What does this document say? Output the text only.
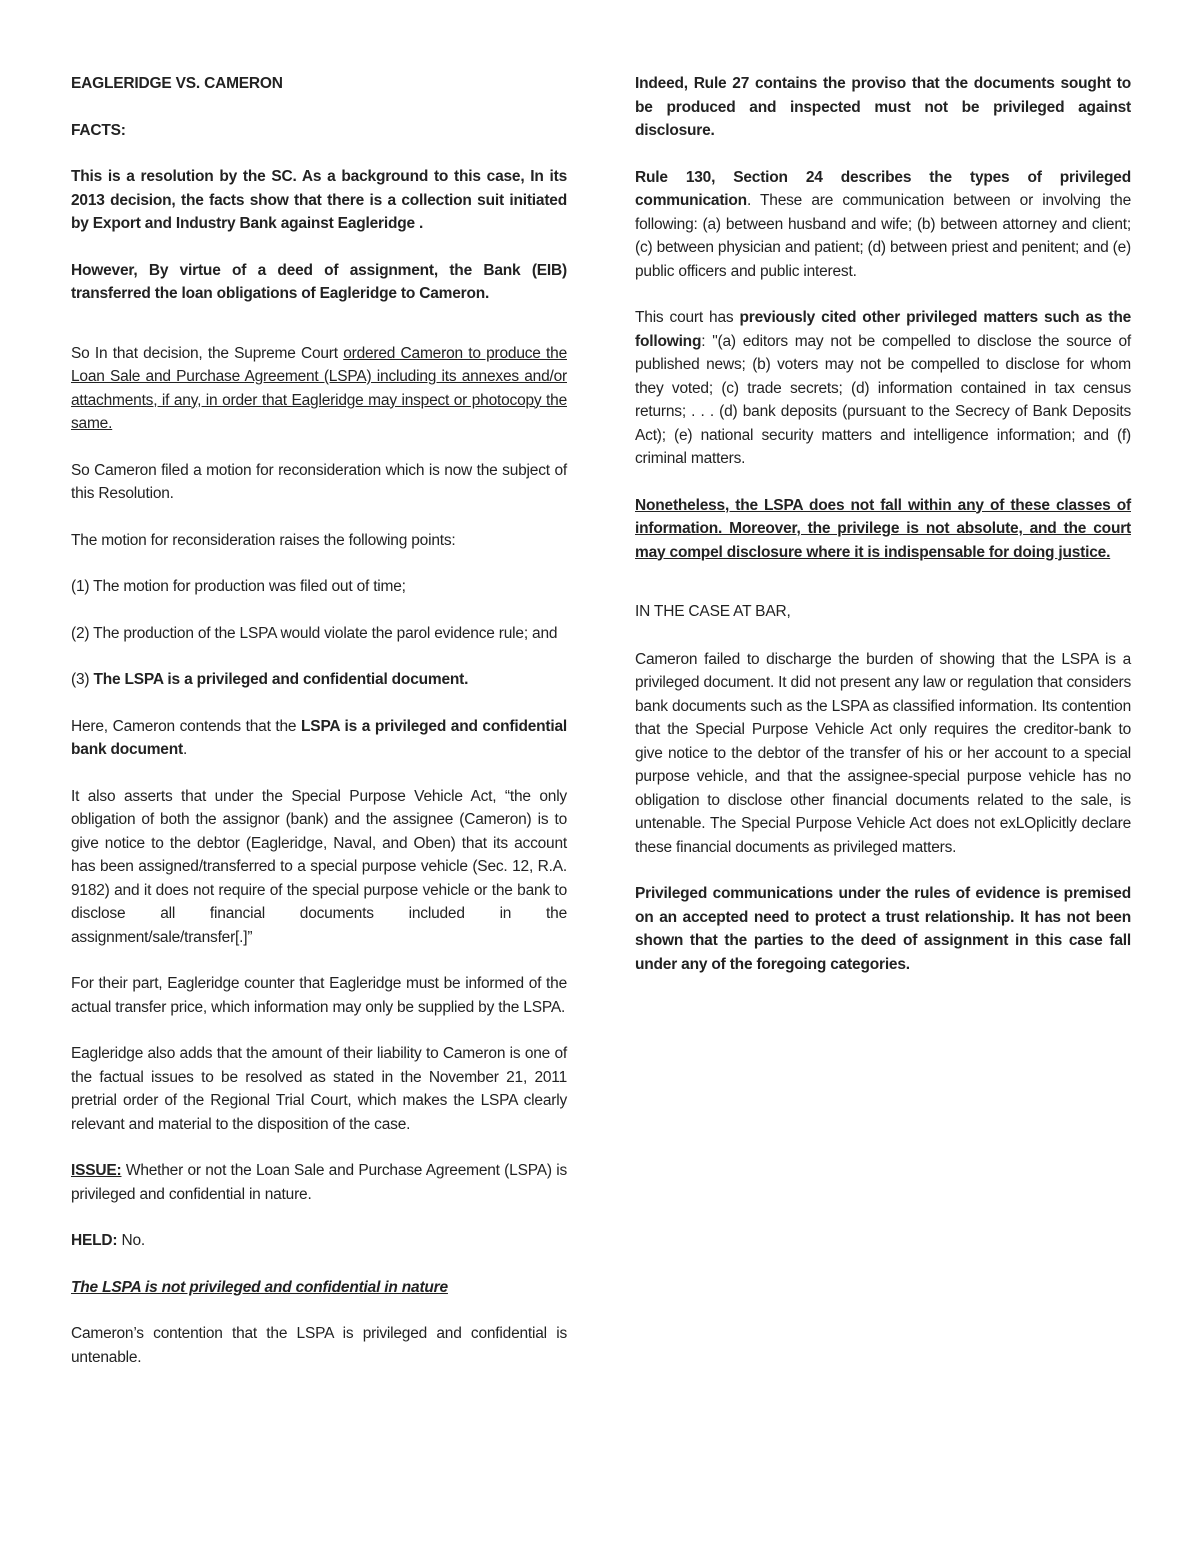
EAGLERIDGE VS. CAMERON

FACTS:

This is a resolution by the SC. As a background to this case, In its 2013 decision, the facts show that there is a collection suit initiated by Export and Industry Bank against Eagleridge .

However, By virtue of a deed of assignment, the Bank (EIB) transferred the loan obligations of Eagleridge to Cameron.

So In that decision, the Supreme Court ordered Cameron to produce the Loan Sale and Purchase Agreement (LSPA) including its annexes and/or attachments, if any, in order that Eagleridge may inspect or photocopy the same.

So Cameron filed a motion for reconsideration which is now the subject of this Resolution.

The motion for reconsideration raises the following points:

(1) The motion for production was filed out of time;

(2) The production of the LSPA would violate the parol evidence rule; and

(3) The LSPA is a privileged and confidential document.

Here, Cameron contends that the LSPA is a privileged and confidential bank document.

It also asserts that under the Special Purpose Vehicle Act, “the only obligation of both the assignor (bank) and the assignee (Cameron) is to give notice to the debtor (Eagleridge, Naval, and Oben) that its account has been assigned/transferred to a special purpose vehicle (Sec. 12, R.A. 9182) and it does not require of the special purpose vehicle or the bank to disclose all financial documents included in the assignment/sale/transfer[.]”

For their part, Eagleridge counter that Eagleridge must be informed of the actual transfer price, which information may only be supplied by the LSPA.

Eagleridge also adds that the amount of their liability to Cameron is one of the factual issues to be resolved as stated in the November 21, 2011 pretrial order of the Regional Trial Court, which makes the LSPA clearly relevant and material to the disposition of the case.

ISSUE: Whether or not the Loan Sale and Purchase Agreement (LSPA) is privileged and confidential in nature.

HELD: No.

The LSPA is not privileged and confidential in nature

Cameron’s contention that the LSPA is privileged and confidential is untenable.

Indeed, Rule 27 contains the proviso that the documents sought to be produced and inspected must not be privileged against disclosure.

Rule 130, Section 24 describes the types of privileged communication. These are communication between or involving the following: (a) between husband and wife; (b) between attorney and client; (c) between physician and patient; (d) between priest and penitent; and (e) public officers and public interest.

This court has previously cited other privileged matters such as the following: "(a) editors may not be compelled to disclose the source of published news; (b) voters may not be compelled to disclose for whom they voted; (c) trade secrets; (d) information contained in tax census returns; . . . (d) bank deposits (pursuant to the Secrecy of Bank Deposits Act); (e) national security matters and intelligence information; and (f) criminal matters.

Nonetheless, the LSPA does not fall within any of these classes of information. Moreover, the privilege is not absolute, and the court may compel disclosure where it is indispensable for doing justice.

IN THE CASE AT BAR,

Cameron failed to discharge the burden of showing that the LSPA is a privileged document. It did not present any law or regulation that considers bank documents such as the LSPA as classified information. Its contention that the Special Purpose Vehicle Act only requires the creditor-bank to give notice to the debtor of the transfer of his or her account to a special purpose vehicle, and that the assignee-special purpose vehicle has no obligation to disclose other financial documents related to the sale, is untenable. The Special Purpose Vehicle Act does not exLOplicitly declare these financial documents as privileged matters.

Privileged communications under the rules of evidence is premised on an accepted need to protect a trust relationship. It has not been shown that the parties to the deed of assignment in this case fall under any of the foregoing categories.
